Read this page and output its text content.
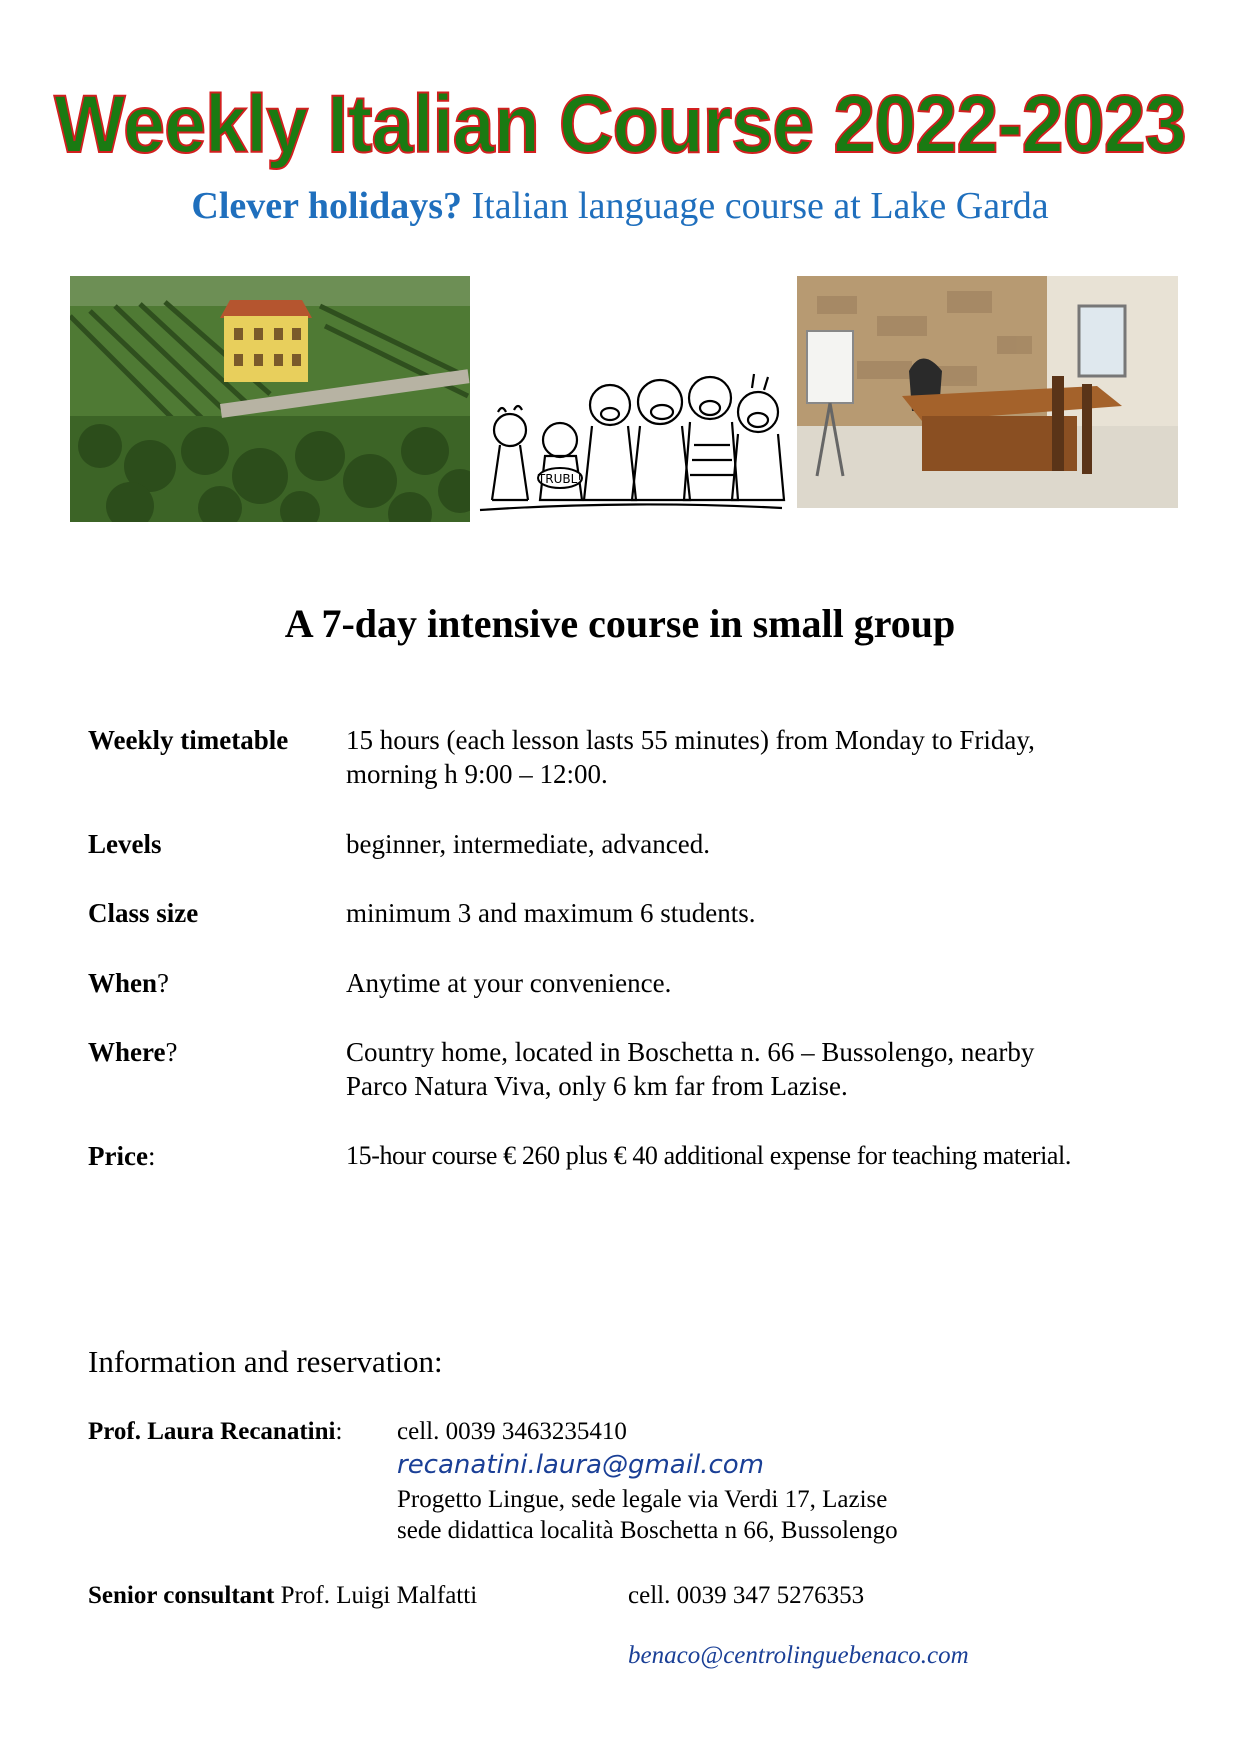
Weekly Italian Course 2022-2023
Clever holidays? Italian language course at Lake Garda
TRUBL!
A 7-day intensive course in small group
Weekly timetable	15 hours (each lesson lasts 55 minutes) from Monday to Friday,
morning h 9:00 – 12:00.
Levels	beginner, intermediate, advanced.
Class size	minimum 3 and maximum 6 students.
When?	Anytime at your convenience.
Where?	Country home, located in Boschetta n. 66 – Bussolengo, nearby
Parco Natura Viva, only 6 km far from Lazise.
Price:	15-hour course € 260 plus € 40 additional expense for teaching material.
Information and reservation:
Prof. Laura Recanatini: cell. 0039 3463235410
recanatini.laura@gmail.com
Progetto Lingue, sede legale via Verdi 17, Lazise
sede didattica località Boschetta n 66, Bussolengo
Senior consultant Prof. Luigi Malfatti	cell. 0039 347 5276353
benaco@centrolinguebenaco.com
